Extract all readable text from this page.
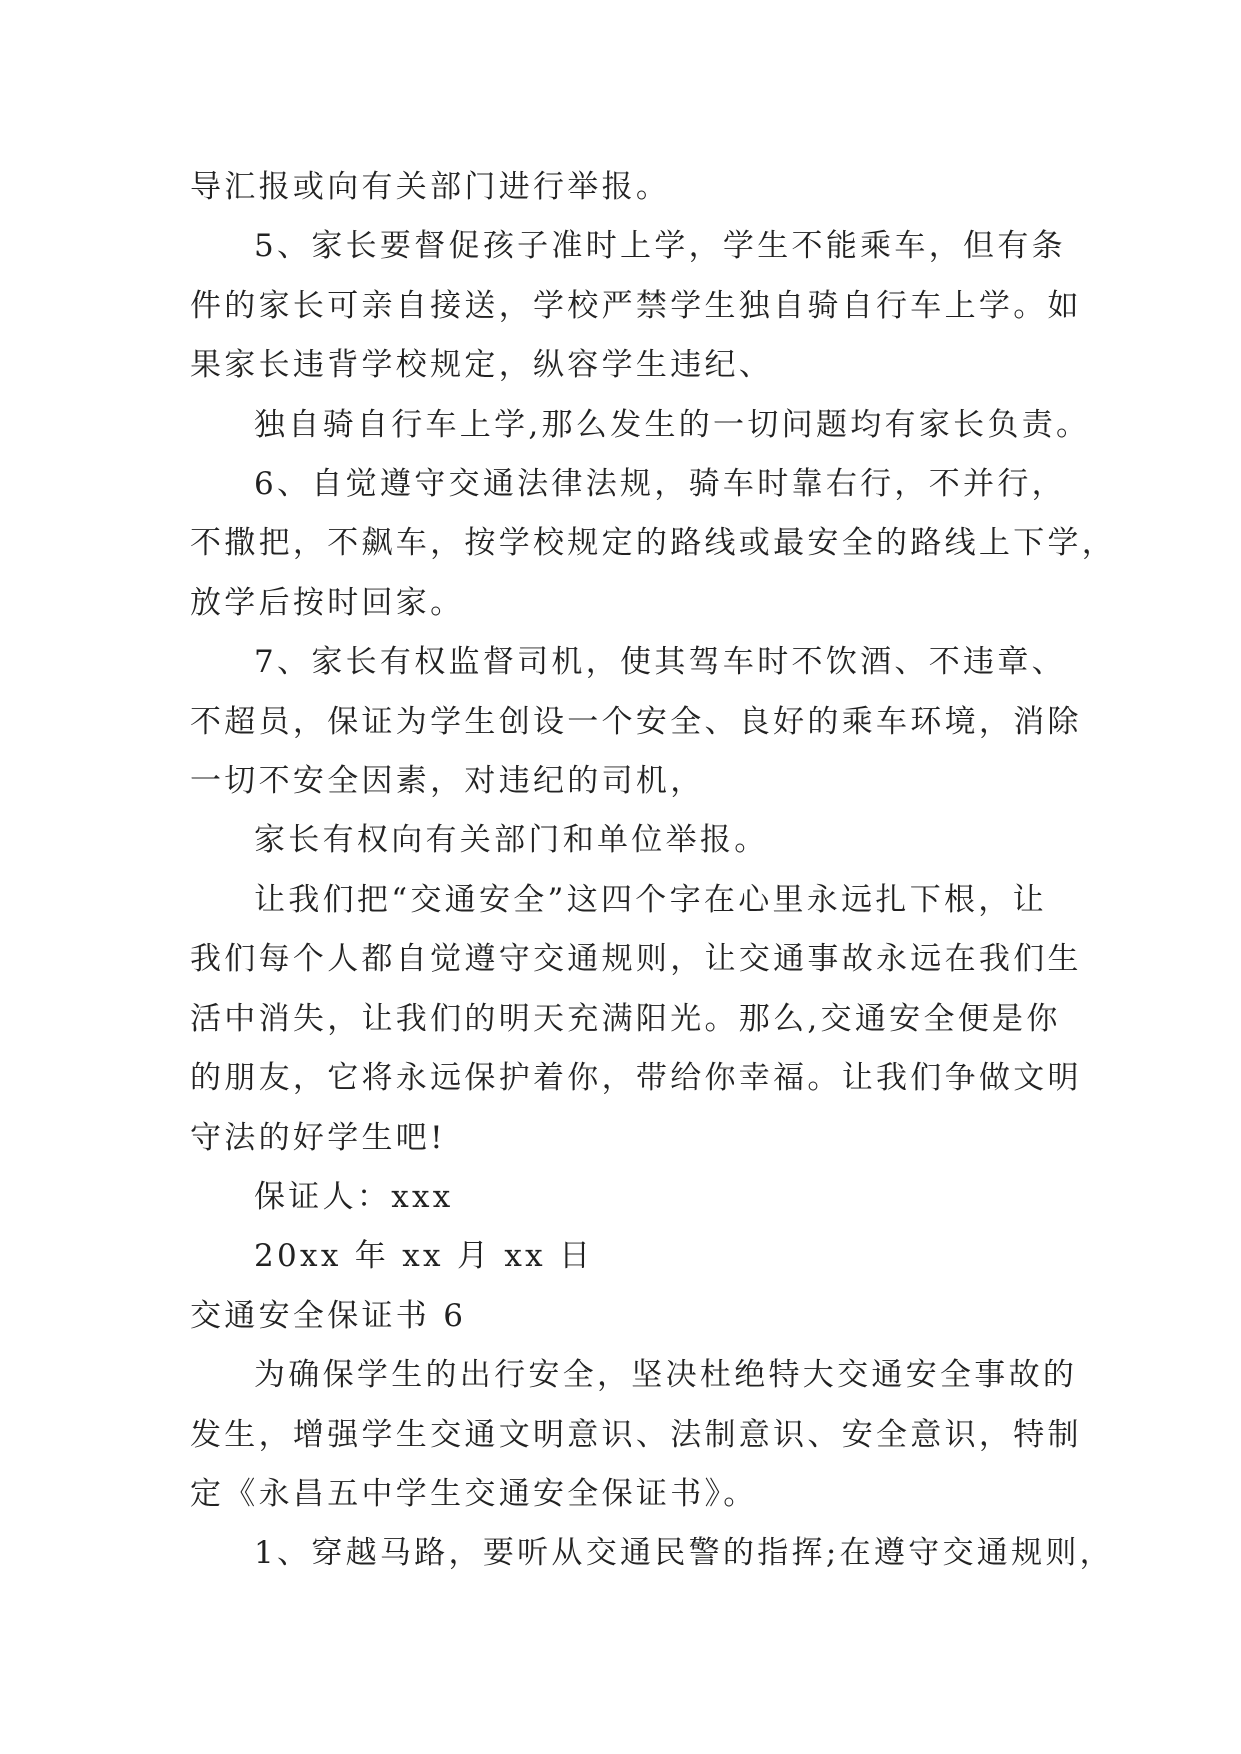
导汇报或向有关部门进行举报。

5、家长要督促孩子准时上学，学生不能乘车，但有条

件的家长可亲自接送，学校严禁学生独自骑自行车上学。如

果家长违背学校规定，纵容学生违纪、

独自骑自行车上学,那么发生的一切问题均有家长负责。

6、自觉遵守交通法律法规，骑车时靠右行，不并行，

不撒把，不飙车，按学校规定的路线或最安全的路线上下学，

放学后按时回家。

7、家长有权监督司机，使其驾车时不饮酒、不违章、

不超员，保证为学生创设一个安全、良好的乘车环境，消除

一切不安全因素，对违纪的司机，

家长有权向有关部门和单位举报。

让我们把“交通安全”这四个字在心里永远扎下根，让

我们每个人都自觉遵守交通规则，让交通事故永远在我们生

活中消失，让我们的明天充满阳光。那么,交通安全便是你

的朋友，它将永远保护着你，带给你幸福。让我们争做文明

守法的好学生吧!

保证人：xxx

20xx 年 xx 月 xx 日

交通安全保证书 6

为确保学生的出行安全，坚决杜绝特大交通安全事故的

发生，增强学生交通文明意识、法制意识、安全意识，特制

定《永昌五中学生交通安全保证书》。

1、穿越马路，要听从交通民警的指挥;在遵守交通规则，
